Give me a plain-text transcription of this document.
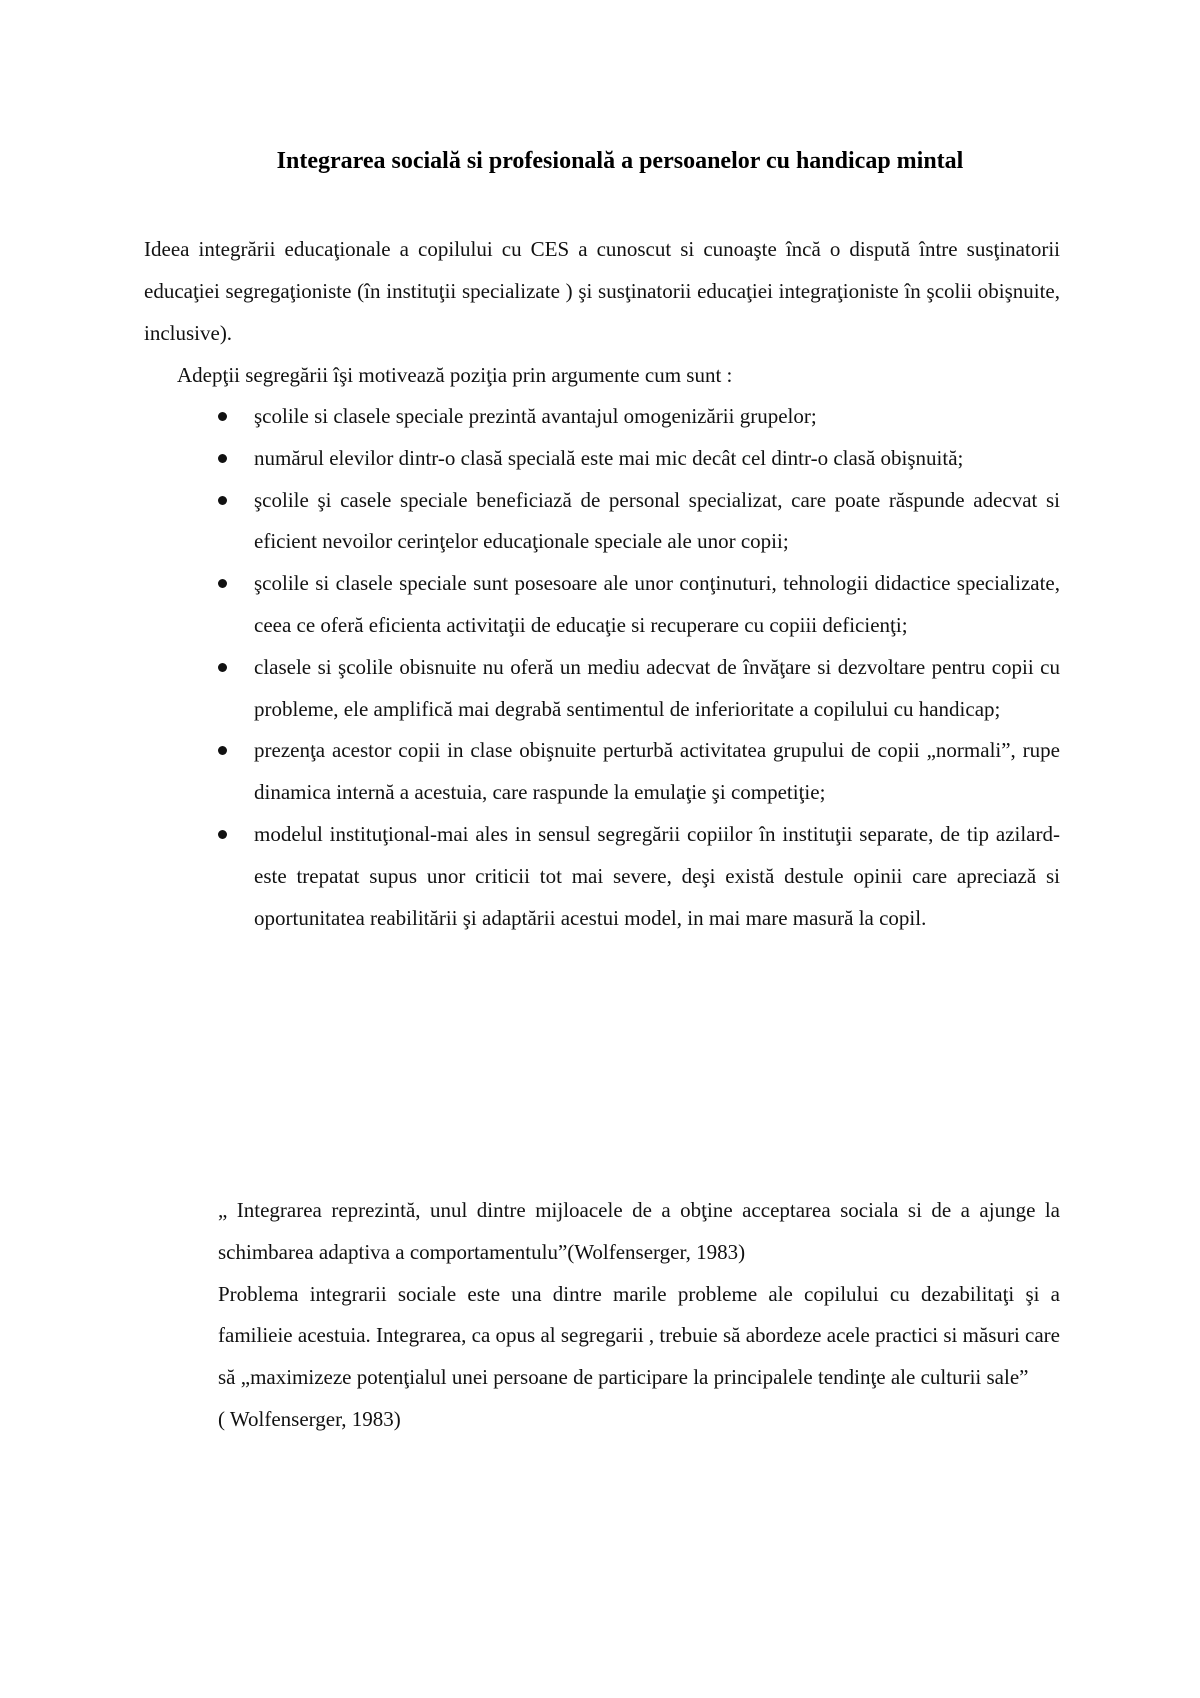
Integrarea socială si profesională a persoanelor cu handicap mintal
Ideea integrării educaţionale a copilului cu CES a cunoscut si cunoaşte încă o dispută între susţinatorii educaţiei segregaţioniste (în instituţii specializate ) şi susţinatorii educaţiei integraţioniste în şcolii obişnuite, inclusive).
Adepţii segregării îşi motivează poziţia prin argumente cum sunt :
şcolile si clasele speciale prezintă avantajul omogenizării grupelor;
numărul elevilor dintr-o clasă specială este mai mic decât cel dintr-o clasă obişnuită;
şcolile şi casele speciale beneficiază de personal specializat, care poate răspunde adecvat si eficient nevoilor cerinţelor educaţionale speciale ale unor copii;
şcolile si clasele speciale sunt posesoare ale unor conţinuturi, tehnologii didactice specializate, ceea ce oferă eficienta activitaţii de educaţie si recuperare cu copiii deficienţi;
clasele si şcolile obisnuite nu oferă un mediu adecvat de învăţare si dezvoltare pentru copii cu probleme, ele amplifică mai degrabă sentimentul de inferioritate a copilului cu handicap;
prezenţa acestor copii in clase obişnuite perturbă activitatea grupului de copii „normali”, rupe dinamica internă a acestuia, care raspunde la emulaţie şi competiţie;
modelul instituţional-mai ales in sensul segregării copiilor în instituţii separate, de tip azilard- este trepatat supus unor criticii tot mai severe, deşi există destule opinii care apreciază si oportunitatea reabilitării şi adaptării acestui model, in mai mare masură la copil.
„ Integrarea reprezintă, unul dintre mijloacele de a obţine acceptarea sociala si de a ajunge la schimbarea adaptiva a comportamentulu”(Wolfenserger, 1983)
Problema integrarii sociale este una dintre marile probleme ale copilului cu dezabilitaţi şi a familieie acestuia. Integrarea, ca opus al segregarii , trebuie să abordeze acele practici si măsuri care să „maximizeze potenţialul unei persoane de participare la principalele tendinţe ale culturii sale”
( Wolfenserger, 1983)
